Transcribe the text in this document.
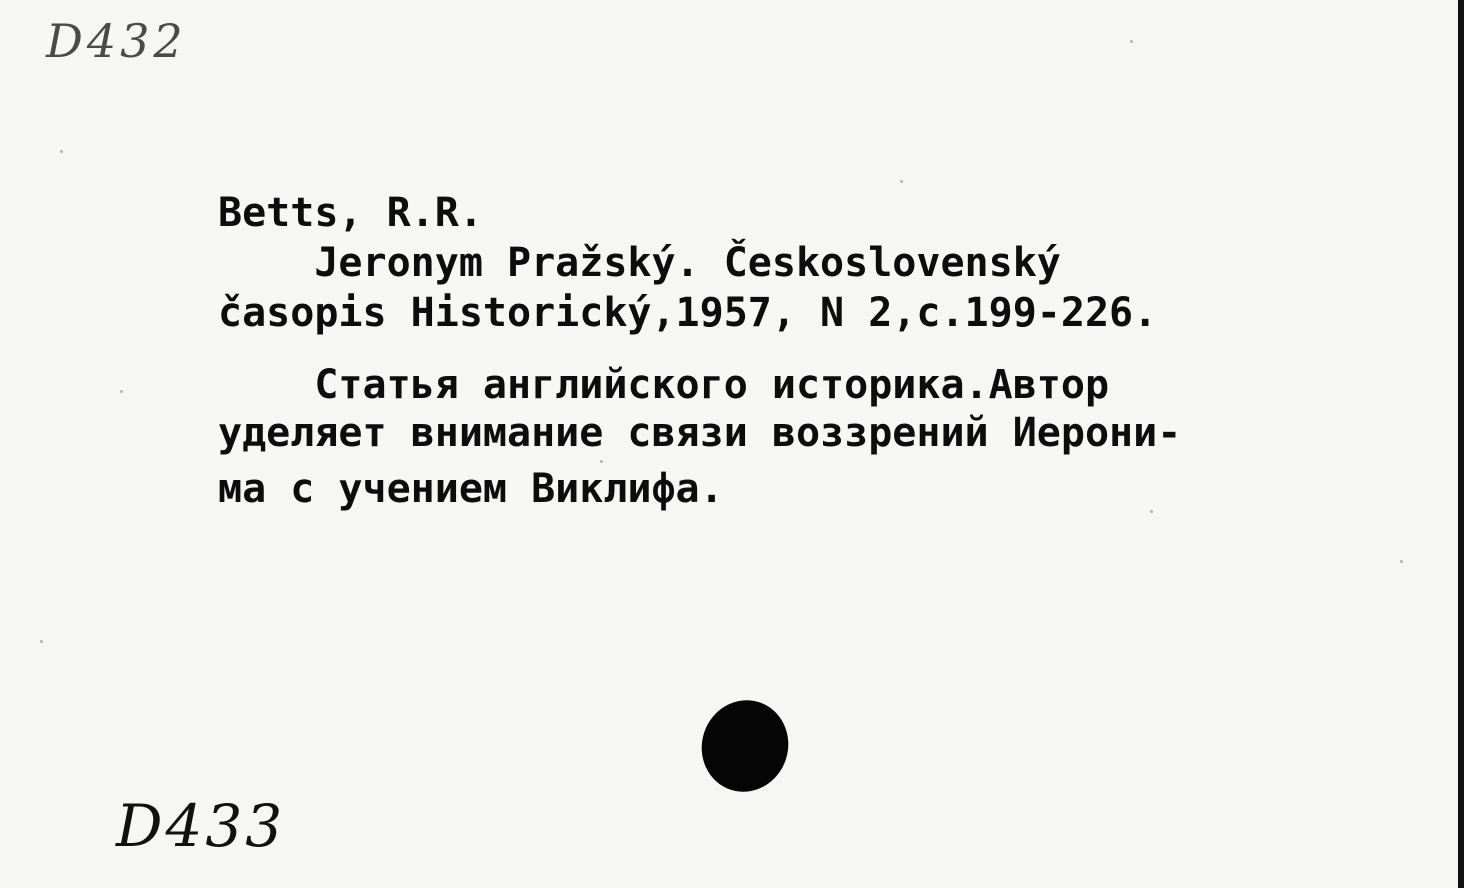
D432
Betts, R.R.
Jeronym Pražský. Československý
časopis Historický,1957, N 2,c.199-226.
Статья английского историка.Автор
уделяет внимание связи воззрений Иерони-
ма с учением Виклифа.
D433
